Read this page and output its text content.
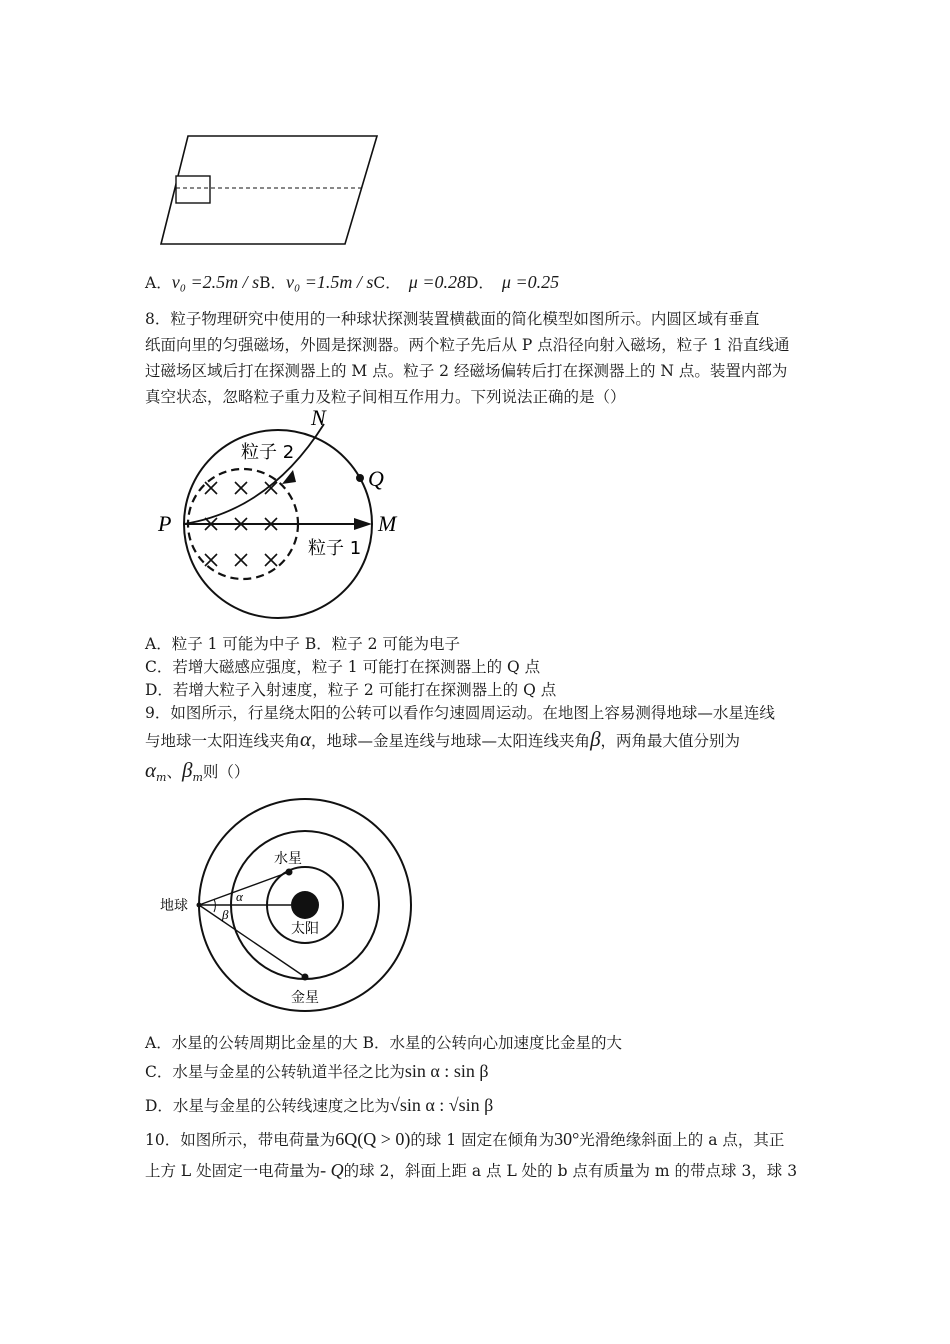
A．v₀ =2.5m / sB．v₀ =1.5m / sC． μ =0.28D． μ =0.25
8．粒子物理研究中使用的一种球状探测装置横截面的简化模型如图所示。内圆区域有垂直
纸面向里的匀强磁场，外圆是探测器。两个粒子先后从 P 点沿径向射入磁场，粒子 1 沿直线通
过磁场区域后打在探测器上的 M 点。粒子 2 经磁场偏转后打在探测器上的 N 点。装置内部为
真空状态，忽略粒子重力及粒子间相互作用力。下列说法正确的是（）
N
Q
P	M
粒子 2
粒子 1
A．粒子 1 可能为中子 B．粒子 2 可能为电子
C．若增大磁感应强度，粒子 1 可能打在探测器上的 Q 点
D．若增大粒子入射速度，粒子 2 可能打在探测器上的 Q 点
9．如图所示，行星绕太阳的公转可以看作匀速圆周运动。在地图上容易测得地球—水星连线
与地球一太阳连线夹角α，地球—金星连线与地球—太阳连线夹角β，两角最大值分别为
$\alpha_m$、$\beta_m$则（）
α
β
水星
地球
太阳
金星
A．水星的公转周期比金星的大 B．水星的公转向心加速度比金星的大
C．水星与金星的公转轨道半径之比为sin α : sin β
D．水星与金星的公转线速度之比为√sin α : √sin β
10．如图所示，带电荷量为6Q(Q > 0)的球 1 固定在倾角为30°光滑绝缘斜面上的 a 点，其正
上方 L 处固定一电荷量为- Q的球 2，斜面上距 a 点 L 处的 b 点有质量为 m 的带点球 3，球 3
